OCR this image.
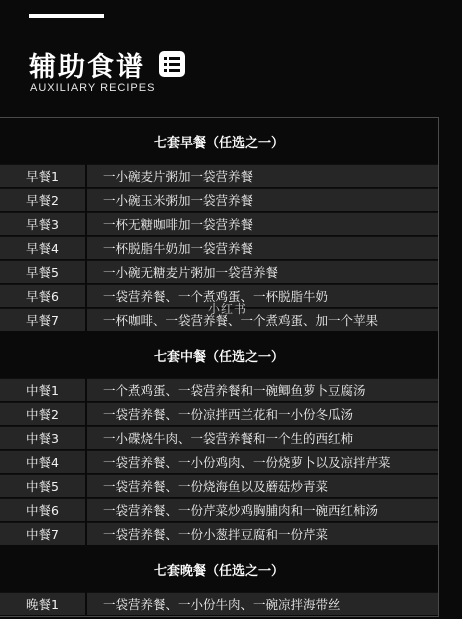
辅助食谱
AUXILIARY RECIPES
七套早餐（任选之一）
早餐1	一小碗麦片粥加一袋营养餐
早餐2	一小碗玉米粥加一袋营养餐
早餐3	一杯无糖咖啡加一袋营养餐
早餐4	一杯脱脂牛奶加一袋营养餐
早餐5	一小碗无糖麦片粥加一袋营养餐
早餐6	一袋营养餐、一个煮鸡蛋、一杯脱脂牛奶
早餐7	一杯咖啡、一袋营养餐、一个煮鸡蛋、加一个苹果
七套中餐（任选之一）
中餐1	一个煮鸡蛋、一袋营养餐和一碗鲫鱼萝卜豆腐汤
中餐2	一袋营养餐、一份凉拌西兰花和一小份冬瓜汤
中餐3	一小碟烧牛肉、一袋营养餐和一个生的西红柿
中餐4	一袋营养餐、一小份鸡肉、一份烧萝卜以及凉拌芹菜
中餐5	一袋营养餐、一份烧海鱼以及蘑菇炒青菜
中餐6	一袋营养餐、一份芹菜炒鸡胸脯肉和一碗西红柿汤
中餐7	一袋营养餐、一份小葱拌豆腐和一份芹菜
七套晚餐（任选之一）
晚餐1	一袋营养餐、一小份牛肉、一碗凉拌海带丝
小红书
